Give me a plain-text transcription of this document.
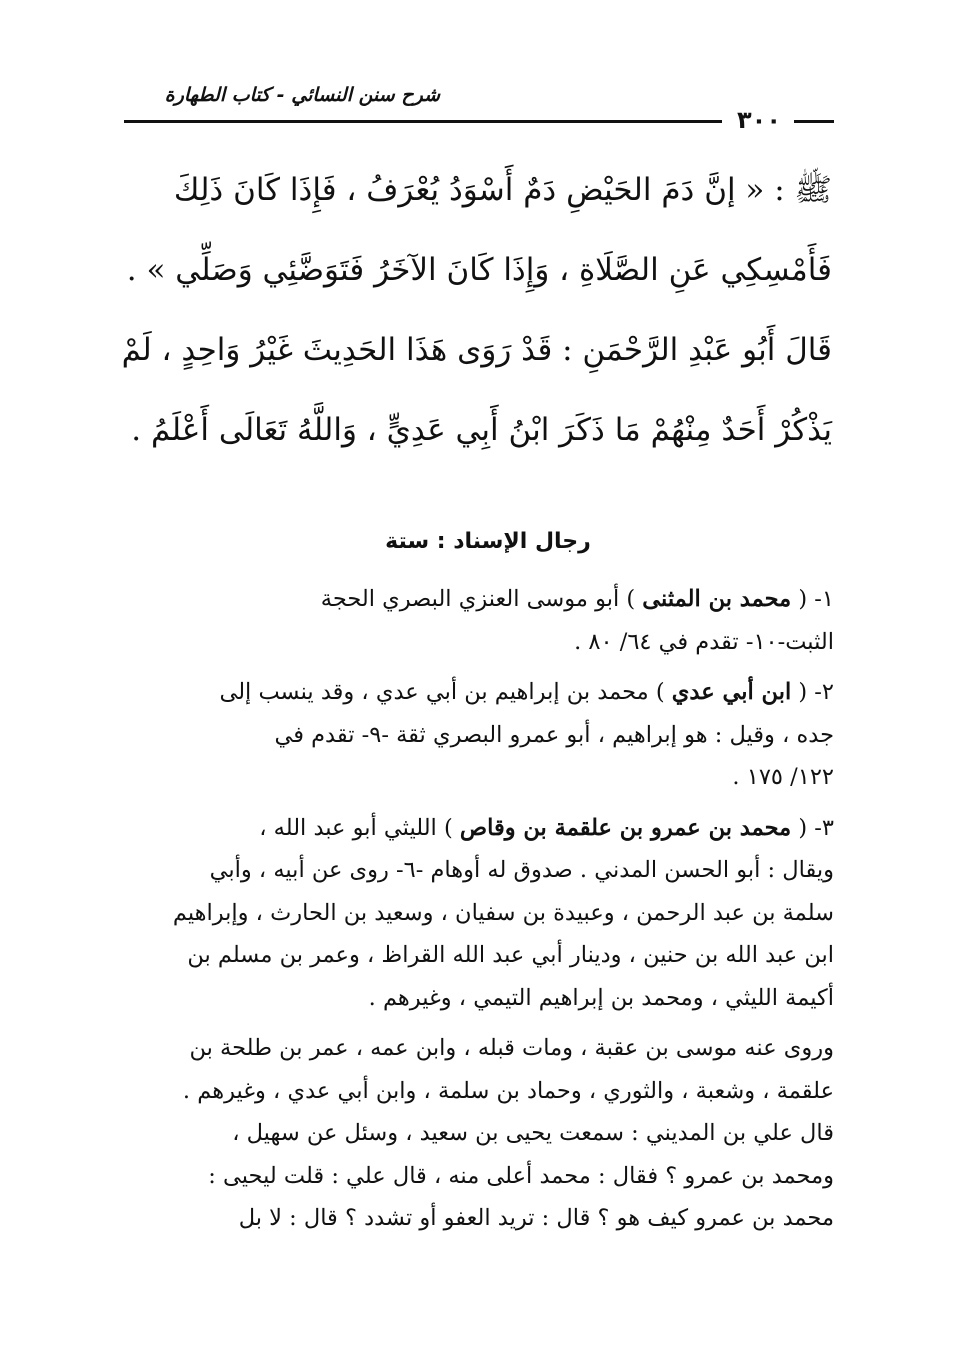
شرح سنن النسائي - كتاب الطهارة
٣٠٠

ﷺ : « إنَّ دَمَ الحَيْضِ دَمٌ أَسْوَدُ يُعْرَفُ ، فَإِذَا كَانَ ذَلِكَ

فَأَمْسِكِي عَنِ الصَّلَاةِ ، وَإِذَا كَانَ الآخَرُ فَتَوَضَّئِي وَصَلِّي » .

قَالَ أَبُو عَبْدِ الرَّحْمَنِ : قَدْ رَوَى هَذَا الحَدِيثَ غَيْرُ وَاحِدٍ ، لَمْ

يَذْكُرْ أَحَدٌ مِنْهُمْ مَا ذَكَرَ ابْنُ أَبِي عَدِيٍّ ، وَاللَّهُ تَعَالَى أَعْلَمُ .

رجال الإسناد : ستة

١- ( محمد بن المثنى ) أبو موسى العنزي البصري الحجة

الثبت-١٠- تقدم في ٦٤/ ٨٠ .

٢- ( ابن أبي عدي ) محمد بن إبراهيم بن أبي عدي ، وقد ينسب إلى

جده ، وقيل : هو إبراهيم ، أبو عمرو البصري ثقة -٩- تقدم في

١٢٢/ ١٧٥ .

٣- ( محمد بن عمرو بن علقمة بن وقاص ) الليثي أبو عبد الله ،

ويقال : أبو الحسن المدني . صدوق له أوهام -٦- روى عن أبيه ، وأبي

سلمة بن عبد الرحمن ، وعبيدة بن سفيان ، وسعيد بن الحارث ، وإبراهيم

ابن عبد الله بن حنين ، ودينار أبي عبد الله القراظ ، وعمر بن مسلم بن

أكيمة الليثي ، ومحمد بن إبراهيم التيمي ، وغيرهم .

وروى عنه موسى بن عقبة ، ومات قبله ، وابن عمه ، عمر بن طلحة بن

علقمة ، وشعبة ، والثوري ، وحماد بن سلمة ، وابن أبي عدي ، وغيرهم .

قال علي بن المديني : سمعت يحيى بن سعيد ، وسئل عن سهيل ،

ومحمد بن عمرو ؟ فقال : محمد أعلى منه ، قال علي : قلت ليحيى :

محمد بن عمرو كيف هو ؟ قال : تريد العفو أو تشدد ؟ قال : لا بل
